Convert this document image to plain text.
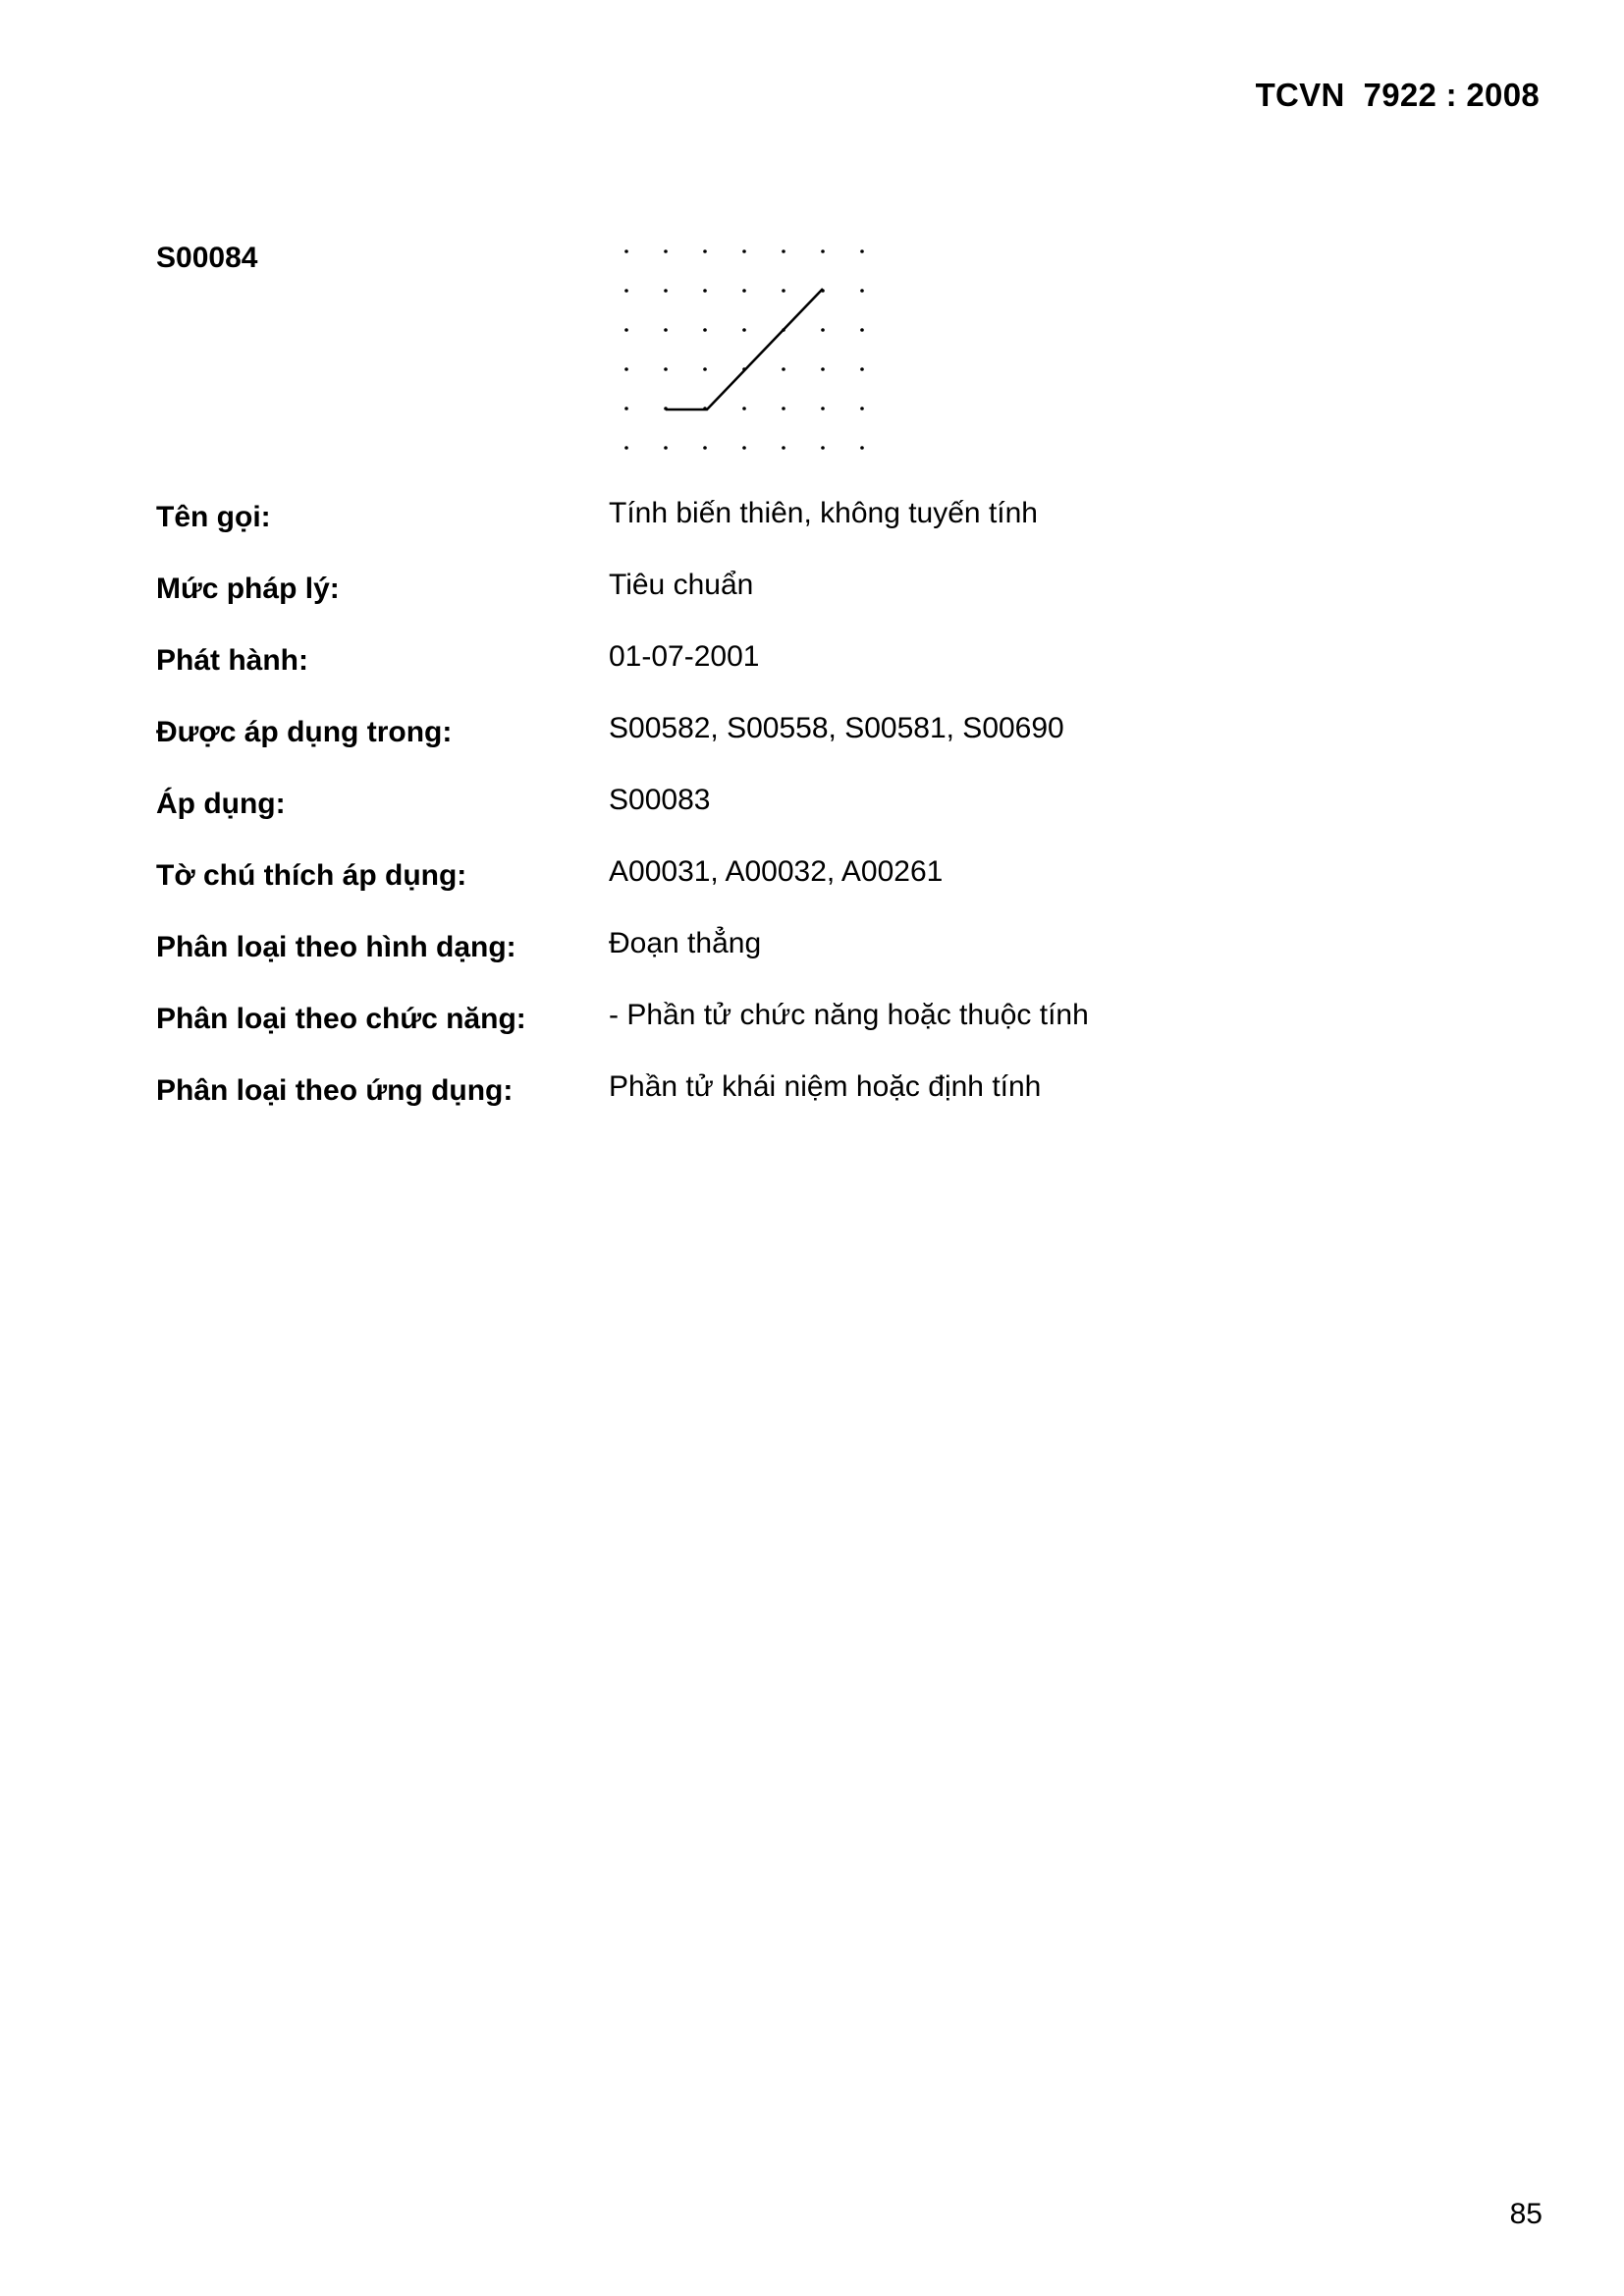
TCVN  7922 : 2008
S00084
Tên gọi:	Tính biến thiên, không tuyến tính
Mức pháp lý:	Tiêu chuẩn
Phát hành:	01-07-2001
Được áp dụng trong:	S00582, S00558, S00581, S00690
Áp dụng:	S00083
Tờ chú thích áp dụng:	A00031, A00032, A00261
Phân loại theo hình dạng:	Đoạn thẳng
Phân loại theo chức năng:	- Phần tử chức năng hoặc thuộc tính
Phân loại theo ứng dụng:	Phần tử khái niệm hoặc định tính
85
